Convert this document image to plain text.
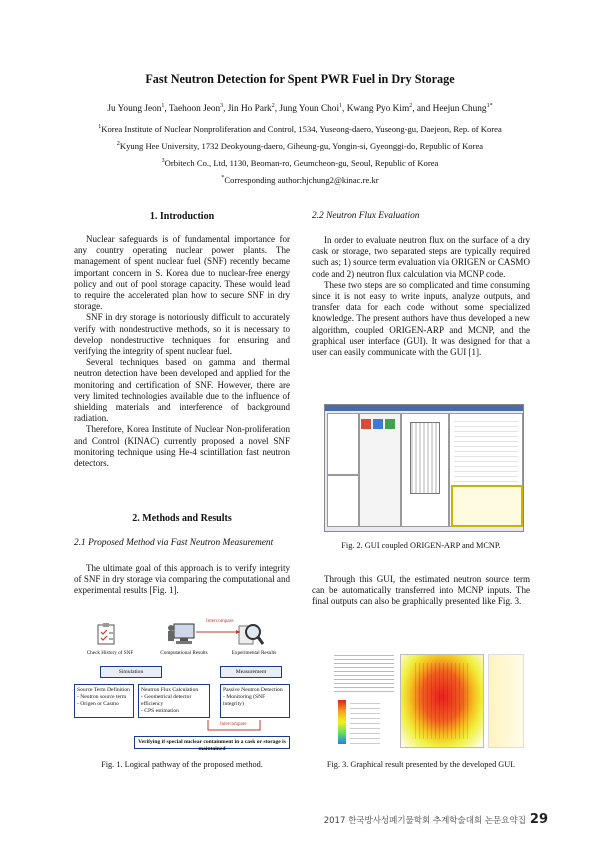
Fast Neutron Detection for Spent PWR Fuel in Dry Storage
Ju Young Jeon$^1$, Taehoon Jeon$^3$, Jin Ho Park$^2$, Jung Youn Choi$^1$, Kwang Pyo Kim$^2$, and Heejun Chung$^{1*}$
$^1$Korea Institute of Nuclear Nonproliferation and Control, 1534, Yuseong-daero, Yuseong-gu, Daejeon, Rep. of Korea
$^2$Kyung Hee University, 1732 Deokyoung-daero, Giheung-gu, Yongin-si, Gyeonggi-do, Republic of Korea
$^3$Orbitech Co., Ltd, 1130, Beoman-ro, Geumcheon-gu, Seoul, Republic of Korea
*Corresponding author:hjchung2@kinac.re.kr
1. Introduction

Nuclear safeguards is of fundamental importance for any country operating nuclear power plants. The management of spent nuclear fuel (SNF) recently became important concern in S. Korea due to nuclear-free energy policy and out of pool storage capacity. These would lead to require the accelerated plan how to secure SNF in dry storage.

SNF in dry storage is notoriously difficult to accurately verify with nondestructive methods, so it is necessary to develop nondestructive techniques for ensuring and verifying the integrity of spent nuclear fuel.

Several techniques based on gamma and thermal neutron detection have been developed and applied for the monitoring and certification of SNF. However, there are very limited technologies available due to the influence of shielding materials and interference of background radiation.

Therefore, Korea Institute of Nuclear Non-proliferation and Control (KINAC) currently proposed a novel SNF monitoring technique using He-4 scintillation fast neutron detectors.

2. Methods and Results
2.1 Proposed Method via Fast Neutron Measurement

The ultimate goal of this approach is to verify integrity of SNF in dry storage via comparing the computational and experimental results [Fig. 1].

Intercompare
Check History of SNF	Computational Results	Experimental Results
Simulation	Measurement
Source Term Definition
- Neutron source term
- Origen or Casmo
Neutron Flux Calculation
- Geometrical detector efficiency
- CPS estimation
Passive Neutron Detection
- Monitoring (SNF integrity)
Intercompare
Verifying if special nuclear containment in a cask or storage is maintained
Fig. 1. Logical pathway of the proposed method.
2.2 Neutron Flux Evaluation

In order to evaluate neutron flux on the surface of a dry cask or storage, two separated steps are typically required such as; 1) source term evaluation via ORIGEN or CASMO code and 2) neutron flux calculation via MCNP code.

These two steps are so complicated and time consuming since it is not easy to write inputs, analyze outputs, and transfer data for each code without some specialized knowledge. The present authors have thus developed a new algorithm, coupled ORIGEN-ARP and MCNP, and the graphical user interface (GUI). It was designed for that a user can easily communicate with the GUI [1].

Fig. 2. GUI coupled ORIGEN-ARP and MCNP.

Through this GUI, the estimated neutron source term can be automatically transferred into MCNP inputs. The final outputs can also be graphically presented like Fig. 3.

Fig. 3. Graphical result presented by the developed GUI.
2017 한국방사성폐기물학회 추계학술대회 논문요약집 29
